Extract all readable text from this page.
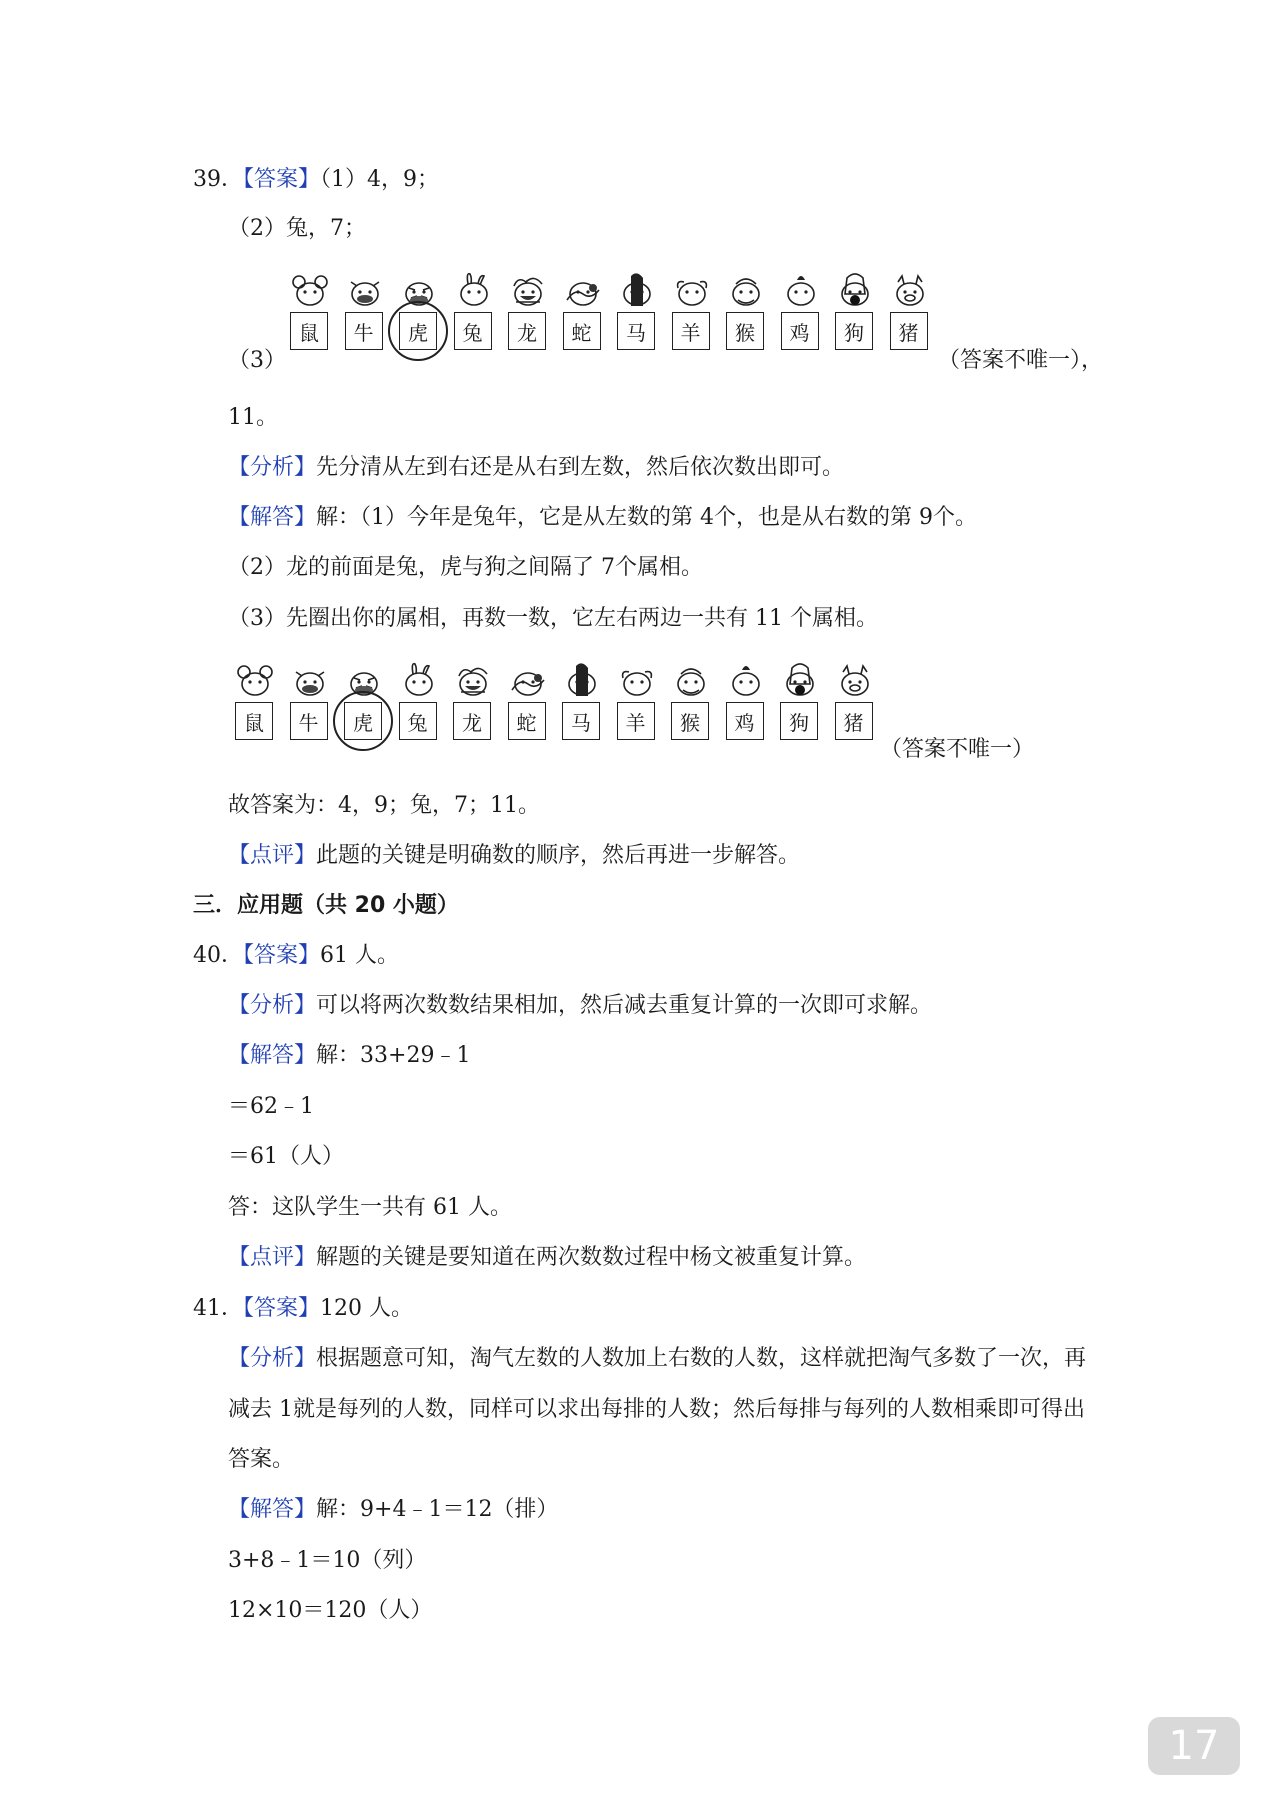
39．【答案】（1）4，9；
（2）兔，7；
鼠	牛	虎	兔	龙	蛇	马	羊	猴	鸡	狗	猪
（3）	（答案不唯一），
11。
【分析】先分清从左到右还是从右到左数，然后依次数出即可。
【解答】解：（1）今年是兔年，它是从左数的第 4个，也是从右数的第 9个。
（2）龙的前面是兔，虎与狗之间隔了 7个属相。
（3）先圈出你的属相，再数一数，它左右两边一共有 11 个属相。
鼠	牛	虎	兔	龙	蛇	马	羊	猴	鸡	狗	猪
（答案不唯一）
故答案为：4，9；兔，7；11。
【点评】此题的关键是明确数的顺序，然后再进一步解答。
三．应用题（共 20 小题）
40．【答案】61 人。
【分析】可以将两次数数结果相加，然后减去重复计算的一次即可求解。
【解答】解：33+29﹣1
＝62﹣1
＝61（人）
答：这队学生一共有 61 人。
【点评】解题的关键是要知道在两次数数过程中杨文被重复计算。
41．【答案】120 人。
【分析】根据题意可知，淘气左数的人数加上右数的人数，这样就把淘气多数了一次，再
减去 1就是每列的人数，同样可以求出每排的人数；然后每排与每列的人数相乘即可得出
答案。
【解答】解：9+4﹣1＝12（排）
3+8﹣1＝10（列）
12×10＝120（人）
17
